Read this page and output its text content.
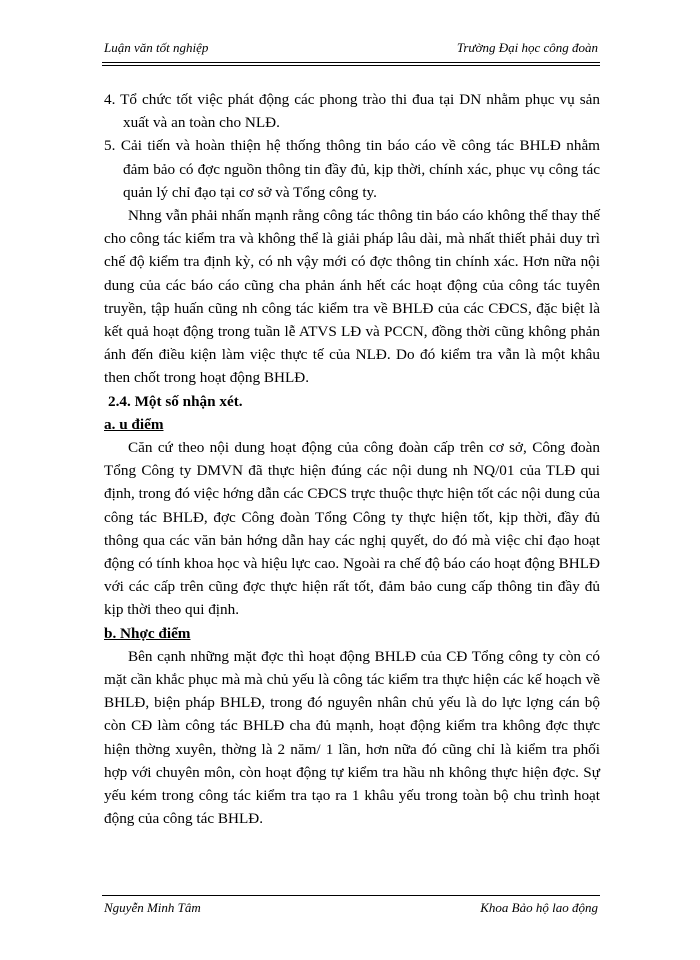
Luận văn tốt nghiệp	Trường Đại học công đoàn

4. Tổ chức tốt việc phát động các phong trào thi đua tại DN nhằm phục vụ sản xuất và an toàn cho NLĐ.

5. Cải tiến và hoàn thiện hệ thống thông tin báo cáo về công tác BHLĐ nhằm đảm bảo có đợc nguồn thông tin đầy đủ, kịp thời, chính xác, phục vụ công tác quản lý chỉ đạo tại cơ sở và Tổng công ty.

Nhng vẫn phải nhấn mạnh rằng công tác thông tin báo cáo không thể thay thế cho công tác kiểm tra và không thể là giải pháp lâu dài, mà nhất thiết phải duy trì chế độ kiểm tra định kỳ, có nh vậy mới có đợc thông tin chính xác. Hơn nữa nội dung của các báo cáo cũng cha phản ánh hết các hoạt động của công tác tuyên truyền, tập huấn cũng nh công tác kiểm tra về BHLĐ của các CĐCS, đặc biệt là kết quả hoạt động trong tuần lễ ATVS LĐ và PCCN, đồng thời cũng không phản ánh đến điều kiện làm việc thực tế của NLĐ. Do đó kiểm tra vẫn là một khâu then chốt trong hoạt động BHLĐ.

2.4. Một số nhận xét.

a. u điểm

Căn cứ theo nội dung hoạt động của công đoàn cấp trên cơ sở, Công đoàn Tổng Công ty DMVN đã thực hiện đúng các nội dung nh NQ/01 của TLĐ qui định, trong đó việc hớng dẫn các CĐCS trực thuộc thực hiện tốt các nội dung của công tác BHLĐ, đợc Công đoàn Tổng Công ty thực hiện tốt, kịp thời, đầy đủ thông qua các văn bản hớng dẫn hay các nghị quyết, do đó mà việc chỉ đạo hoạt động có tính khoa học và hiệu lực cao. Ngoài ra chế độ báo cáo hoạt động BHLĐ với các cấp trên cũng đợc thực hiện rất tốt, đảm bảo cung cấp thông tin đầy đủ kịp thời theo qui định.

b. Nhợc điểm

Bên cạnh những mặt đợc thì hoạt động BHLĐ của CĐ Tổng công ty còn có mặt cần khắc phục mà mà chủ yếu là công tác kiểm tra thực hiện các kế hoạch về BHLĐ, biện pháp BHLĐ, trong đó nguyên nhân chủ yếu là do lực lợng cán bộ còn CĐ làm công tác BHLĐ cha đủ mạnh, hoạt động kiểm tra không đợc thực hiện thờng xuyên, thờng là 2 năm/ 1 lần, hơn nữa đó cũng chỉ là kiểm tra phối hợp với chuyên môn, còn hoạt động tự kiểm tra hầu nh không thực hiện đợc. Sự yếu kém trong công tác kiểm tra tạo ra 1 khâu yếu trong toàn bộ chu trình hoạt động của công tác BHLĐ.

Nguyễn Minh Tâm	Khoa Bảo hộ lao động
